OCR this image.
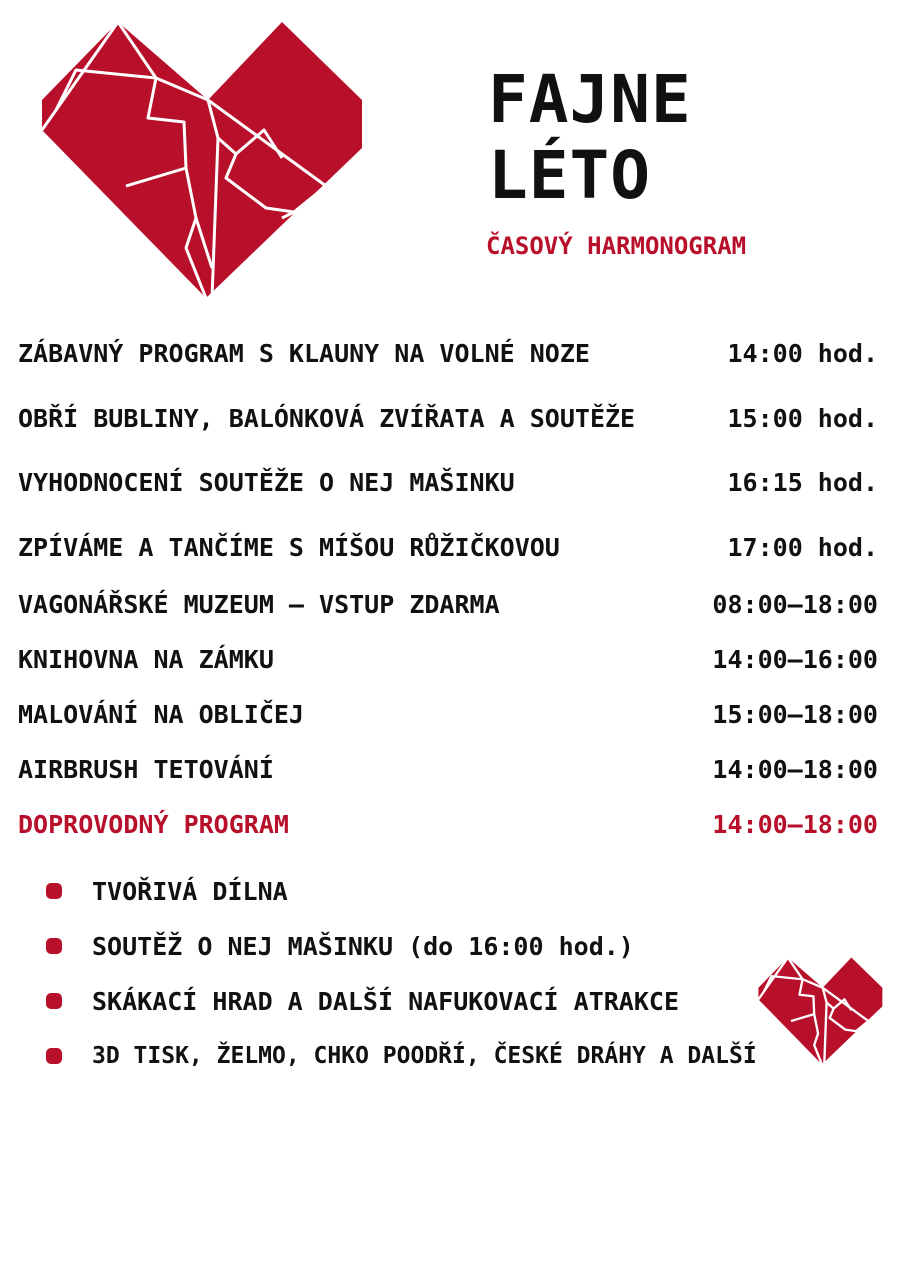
FAJNE
LÉTO
ČASOVÝ HARMONOGRAM
ZÁBAVNÝ PROGRAM S KLAUNY NA VOLNÉ NOZE	14:00 hod.
OBŘÍ BUBLINY, BALÓNKOVÁ ZVÍŘATA A SOUTĚŽE	15:00 hod.
VYHODNOCENÍ SOUTĚŽE O NEJ MAŠINKU	16:15 hod.
ZPÍVÁME A TANČÍME S MÍŠOU RŮŽIČKOVOU	17:00 hod.
VAGONÁŘSKÉ MUZEUM – VSTUP ZDARMA	08:00–18:00
KNIHOVNA NA ZÁMKU	14:00–16:00
MALOVÁNÍ NA OBLIČEJ	15:00–18:00
AIRBRUSH TETOVÁNÍ	14:00–18:00
DOPROVODNÝ PROGRAM	14:00–18:00
TVOŘIVÁ DÍLNA
SOUTĚŽ O NEJ MAŠINKU (do 16:00 hod.)
SKÁKACÍ HRAD A DALŠÍ NAFUKOVACÍ ATRAKCE
3D TISK, ŽELMO, CHKO POODŘÍ, ČESKÉ DRÁHY A DALŠÍ
